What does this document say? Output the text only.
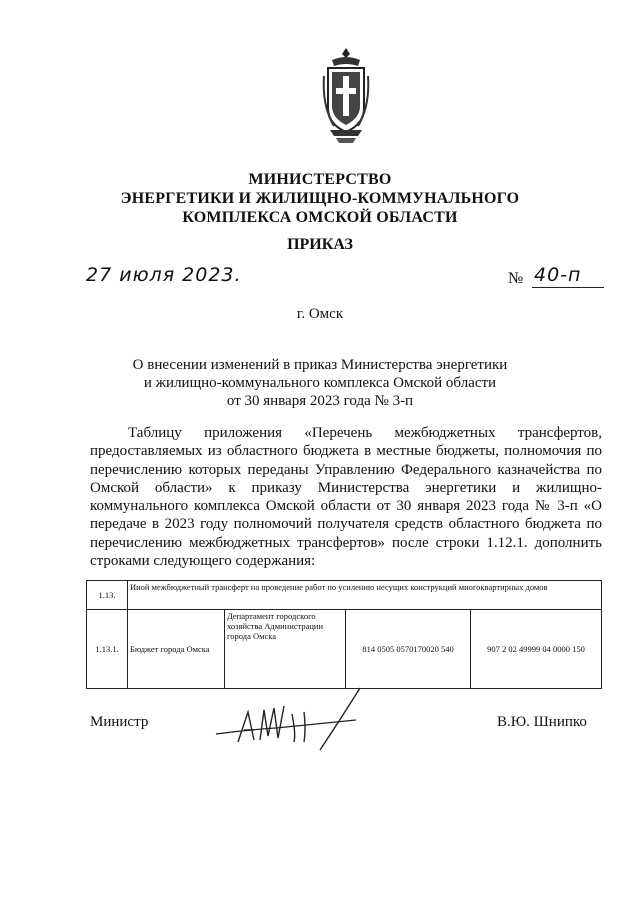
МИНИСТЕРСТВО
ЭНЕРГЕТИКИ И ЖИЛИЩНО-КОММУНАЛЬНОГО
КОМПЛЕКСА ОМСКОЙ ОБЛАСТИ
ПРИКАЗ
27 июля 2023.	№ 40-п
г. Омск
О внесении изменений в приказ Министерства энергетики
и жилищно-коммунального комплекса Омской области
от 30 января 2023 года № 3-п
Таблицу приложения «Перечень межбюджетных трансфертов, предоставляемых из областного бюджета в местные бюджеты, полномочия по перечислению которых переданы Управлению Федерального казначейства по Омской области» к приказу Министерства энергетики и жилищно-коммунального комплекса Омской области от 30 января 2023 года № 3-п «О передаче в 2023 году полномочий получателя средств областного бюджета по перечислению межбюджетных трансфертов» после строки 1.12.1. дополнить строками следующего содержания:
1.13.	Иной межбюджетный трансферт на проведение работ по усилению несущих конструкций многоквартирных домов			
1.13.1.	Бюджет города Омска	Департамент городского хозяйства Администрации города Омска	814 0505 0570170020 540	907 2 02 49999 04 0000 150
Министр	В.Ю. Шнипко
